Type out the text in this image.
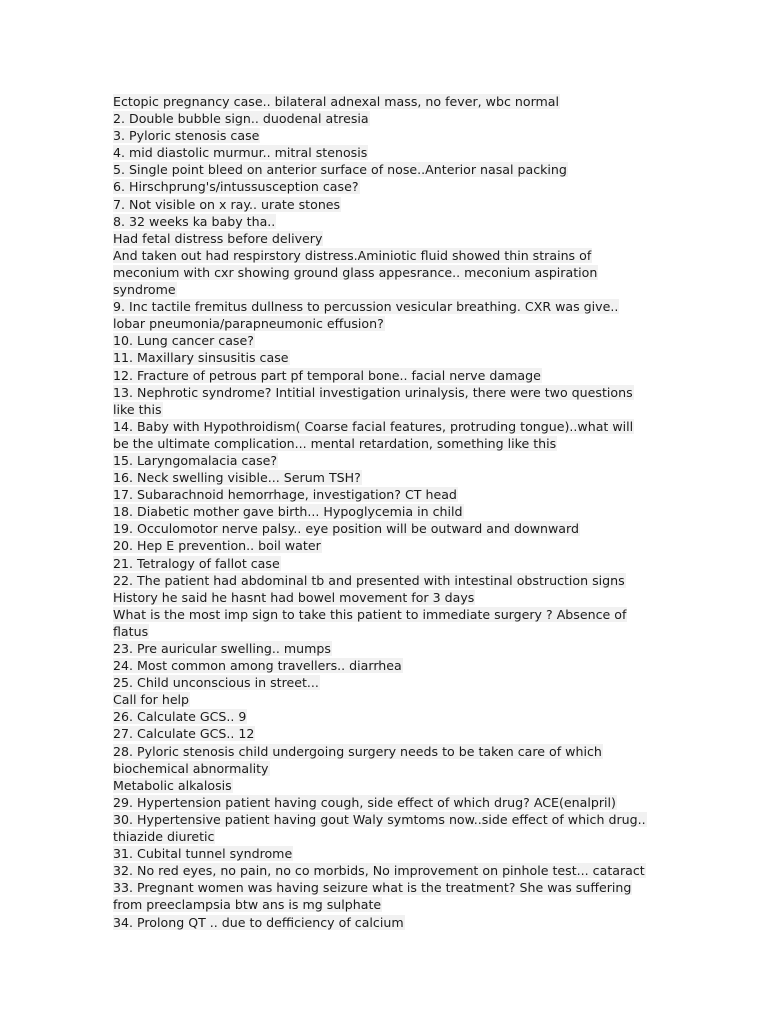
Ectopic pregnancy case.. bilateral adnexal mass, no fever, wbc normal
2. Double bubble sign.. duodenal atresia
3. Pyloric stenosis case
4. mid diastolic murmur.. mitral stenosis
5. Single point bleed on anterior surface of nose..Anterior nasal packing
6. Hirschprung's/intussusception case?
7. Not visible on x ray.. urate stones
8. 32 weeks ka baby tha..
Had fetal distress before delivery
And taken out had respirstory distress.Aminiotic fluid showed thin strains of
meconium with cxr showing ground glass appesrance.. meconium aspiration
syndrome
9. Inc tactile fremitus dullness to percussion vesicular breathing. CXR was give..
lobar pneumonia/parapneumonic effusion?
10. Lung cancer case?
11. Maxillary sinsusitis case
12. Fracture of petrous part pf temporal bone.. facial nerve damage
13. Nephrotic syndrome? Intitial investigation urinalysis, there were two questions
like this
14. Baby with Hypothroidism( Coarse facial features, protruding tongue)..what will
be the ultimate complication... mental retardation, something like this
15. Laryngomalacia case?
16. Neck swelling visible... Serum TSH?
17. Subarachnoid hemorrhage, investigation? CT head
18. Diabetic mother gave birth... Hypoglycemia in child
19. Occulomotor nerve palsy.. eye position will be outward and downward
20. Hep E prevention.. boil water
21. Tetralogy of fallot case
22. The patient had abdominal tb and presented with intestinal obstruction signs
History he said he hasnt had bowel movement for 3 days
What is the most imp sign to take this patient to immediate surgery ? Absence of
flatus
23. Pre auricular swelling.. mumps
24. Most common among travellers.. diarrhea
25. Child unconscious in street...
Call for help
26. Calculate GCS.. 9
27. Calculate GCS.. 12
28. Pyloric stenosis child undergoing surgery needs to be taken care of which
biochemical abnormality
Metabolic alkalosis
29. Hypertension patient having cough, side effect of which drug? ACE(enalpril)
30. Hypertensive patient having gout Waly symtoms now..side effect of which drug..
thiazide diuretic
31. Cubital tunnel syndrome
32. No red eyes, no pain, no co morbids, No improvement on pinhole test... cataract
33. Pregnant women was having seizure what is the treatment? She was suffering
from preeclampsia btw ans is mg sulphate
34. Prolong QT .. due to defficiency of calcium
